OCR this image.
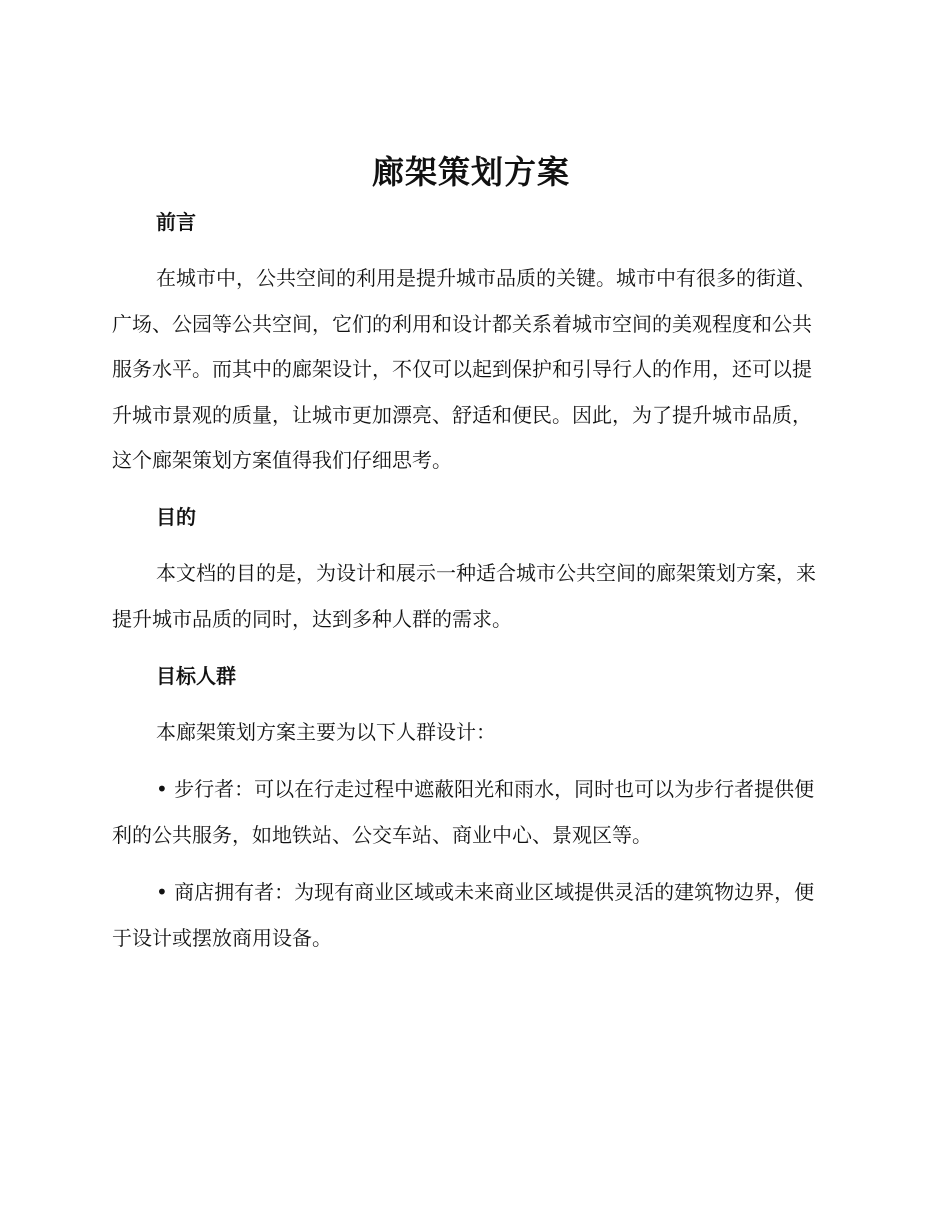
廊架策划方案
前言

在城市中，公共空间的利用是提升城市品质的关键。城市中有很多的街道、广场、公园等公共空间，它们的利用和设计都关系着城市空间的美观程度和公共服务水平。而其中的廊架设计，不仅可以起到保护和引导行人的作用，还可以提升城市景观的质量，让城市更加漂亮、舒适和便民。因此，为了提升城市品质，这个廊架策划方案值得我们仔细思考。

目的

本文档的目的是，为设计和展示一种适合城市公共空间的廊架策划方案，来提升城市品质的同时，达到多种人群的需求。

目标人群

本廊架策划方案主要为以下人群设计：

• 步行者：可以在行走过程中遮蔽阳光和雨水，同时也可以为步行者提供便利的公共服务，如地铁站、公交车站、商业中心、景观区等。

• 商店拥有者：为现有商业区域或未来商业区域提供灵活的建筑物边界，便于设计或摆放商用设备。
